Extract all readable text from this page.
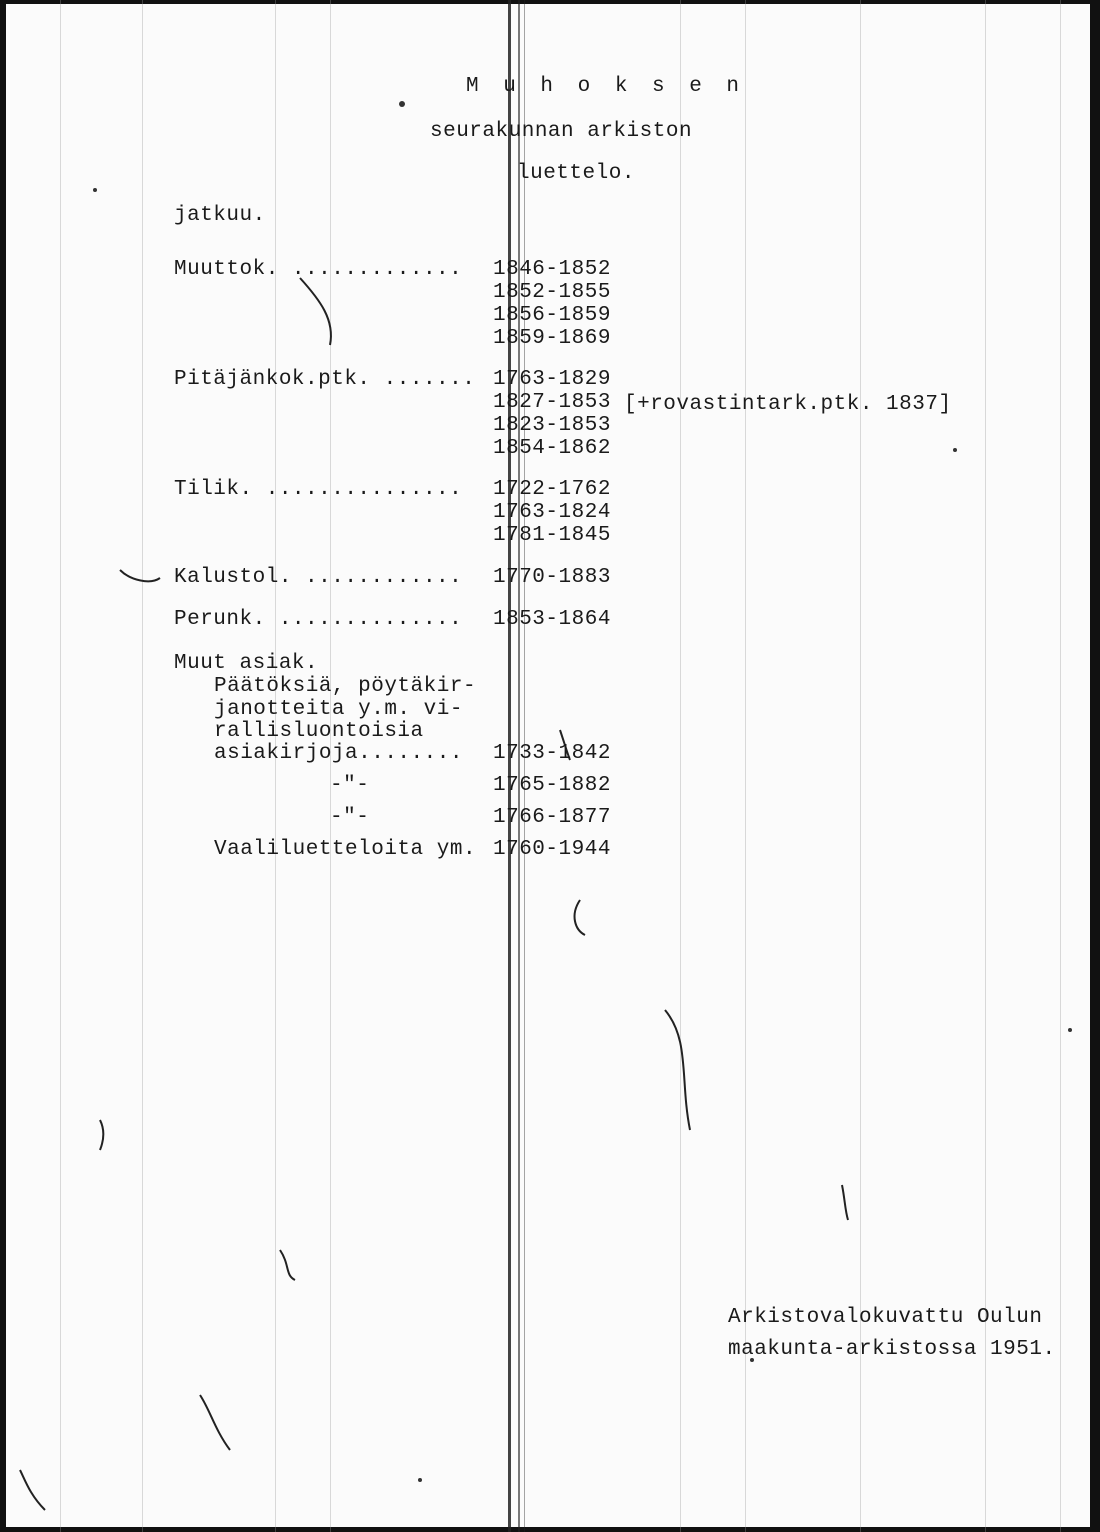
M u h o k s e n
seurakunnan arkiston
luettelo.
jatkuu.
Muuttok. ............. 1846-1852
1852-1855
1856-1859
1859-1869
Pitäjänkok.ptk. ....... 1763-1829
1827-1853 [+rovastintark.ptk. 1837]
1823-1853
1854-1862
Tilik. ............... 1722-1762
1763-1824
1781-1845
Kalustol. ............ 1770-1883
Perunk. .............. 1853-1864
Muut asiak.
Päätöksiä, pöytäkir-
janotteita y.m. vi-
rallisluontoisia
asiakirjoja........ 1733-1842
-"-	1765-1882
-"-	1766-1877
Vaaliluetteloita ym. 1760-1944
Arkistovalokuvattu Oulun
maakunta-arkistossa 1951.
